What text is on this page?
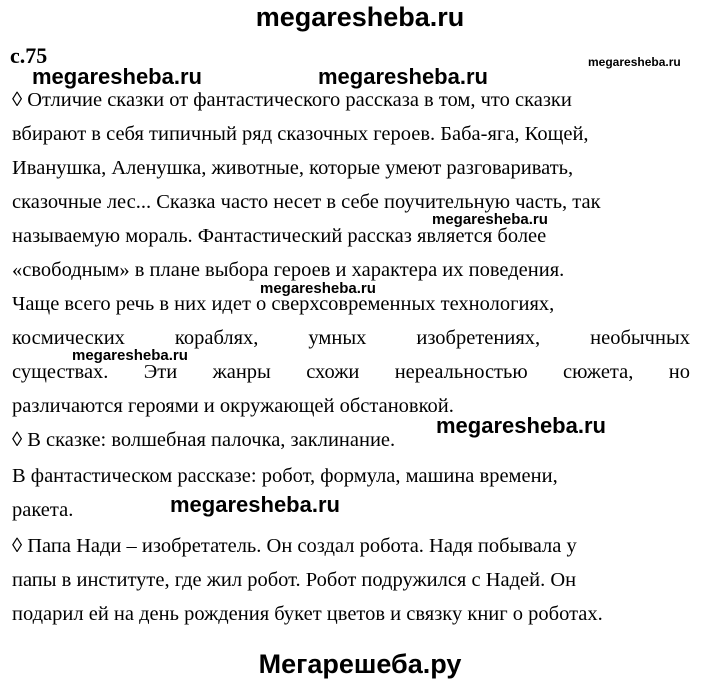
megaresheba.ru
с.75
megaresheba.ru	megaresheba.ru
megaresheba.ru
megaresheba.ru
megaresheba.ru
megaresheba.ru
megaresheba.ru
megaresheba.ru
◊ Отличие сказки от фантастического рассказа в том, что сказки
вбирают в себя типичный ряд сказочных героев. Баба-яга, Кощей,
Иванушка, Аленушка, животные, которые умеют разговаривать,
сказочные лес... Сказка часто несет в себе поучительную часть, так
называемую мораль. Фантастический рассказ является более
«свободным» в плане выбора героев и характера их поведения.
Чаще всего речь в них идет о сверхсовременных технологиях,
космических кораблях, умных изобретениях, необычных
существах. Эти жанры схожи нереальностью сюжета, но
различаются героями и окружающей обстановкой.
◊ В сказке: волшебная палочка, заклинание.
В фантастическом рассказе: робот, формула, машина времени,
ракета.
◊ Папа Нади – изобретатель. Он создал робота. Надя побывала у
папы в институте, где жил робот. Робот подружился с Надей. Он
подарил ей на день рождения букет цветов и связку книг о роботах.
Мегарешеба.ру
